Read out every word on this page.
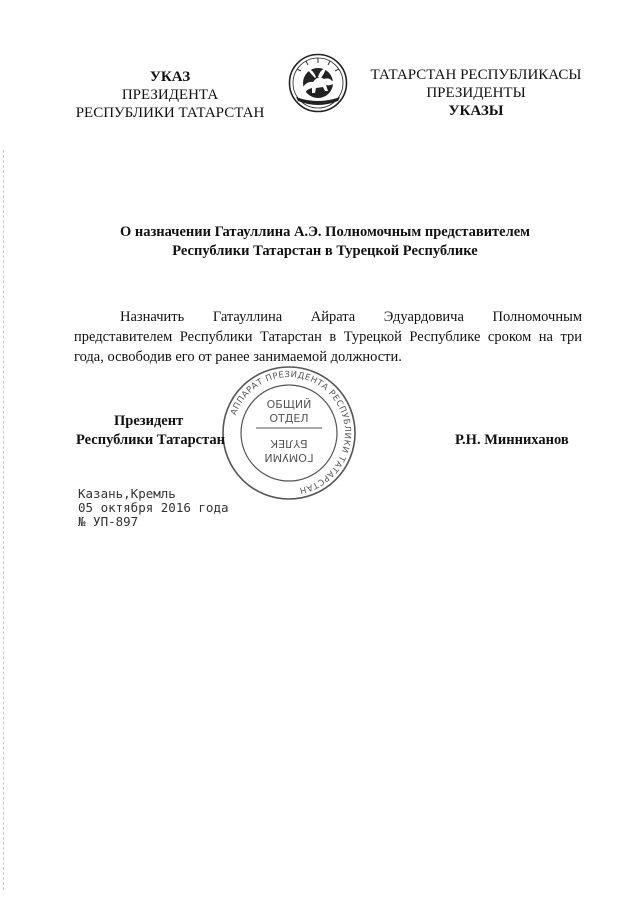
УКАЗ
ПРЕЗИДЕНТА
РЕСПУБЛИКИ ТАТАРСТАН
ТАТАРСТАН РЕСПУБЛИКАСЫ
ПРЕЗИДЕНТЫ
УКАЗЫ
О назначении Гатауллина А.Э. Полномочным представителем
Республики Татарстан в Турецкой Республике

Назначить Гатауллина Айрата Эдуардовича Полномочным представителем Республики Татарстан в Турецкой Республике сроком на три года, освободив его от ранее занимаемой должности.

АППАРАТ ПРЕЗИДЕНТА РЕСПУБЛИКИ ТАТАРСТАН
ОБЩИЙ
ОТДЕЛ
БҮЛЕК
ГОМУМИ
Президент
Республики Татарстан	Р.Н. Минниханов
Казань,Кремль
05 октября 2016 года
№ УП-897
